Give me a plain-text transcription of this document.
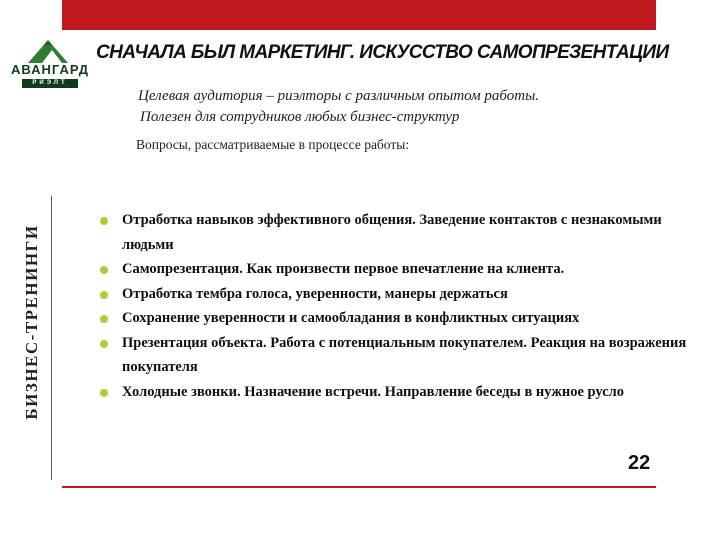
АВАНГАРД
РИЭЛТ
СНАЧАЛА БЫЛ МАРКЕТИНГ. ИСКУССТВО САМОПРЕЗЕНТАЦИИ
Целевая аудитория – риэлторы с различным опытом работы.
Полезен для сотрудников любых бизнес-структур
Вопросы, рассматриваемые в процессе работы:
БИЗНЕС-ТРЕНИНГИ
Отработка навыков эффективного общения. Заведение контактов с незнакомыми людьми
Самопрезентация. Как произвести первое впечатление на клиента.
Отработка тембра голоса, уверенности, манеры держаться
Сохранение уверенности и самообладания в конфликтных ситуациях
Презентация объекта. Работа с потенциальным покупателем. Реакция на возражения покупателя
Холодные звонки. Назначение встречи. Направление беседы в нужное русло
22
